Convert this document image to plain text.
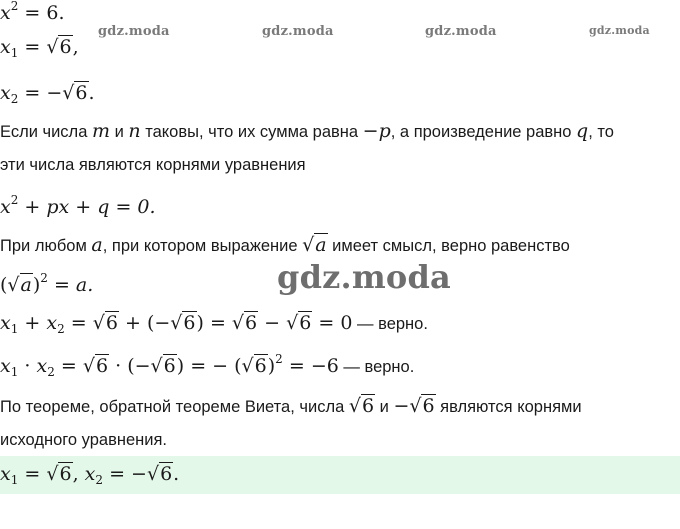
gdz.moda	gdz.moda	gdz.moda	gdz.moda
gdz.moda
$x^2 = 6$.
$x_1 = √6$,
$x_2 = -√6$.
Если числа m и n таковы, что их сумма равна −p, а произведение равно q, то
эти числа являются корнями уравнения
$x^2$ + px + q = 0.
При любом a, при котором выражение √a имеет смысл, верно равенство
$(√a)^2 = a$.
$x_1 + x_2 = √6 + (-√6) = √6 - √6 = 0$ — верно.
$x_1 \cdot x_2 = √6 \cdot (-√6)$ = − $(√6)^2 = -6$ — верно.
По теореме, обратной теореме Виета, числа √6 и −√6 являются корнями
исходного уравнения.
$x_1 = √6$, $x_2 = -√6$.
